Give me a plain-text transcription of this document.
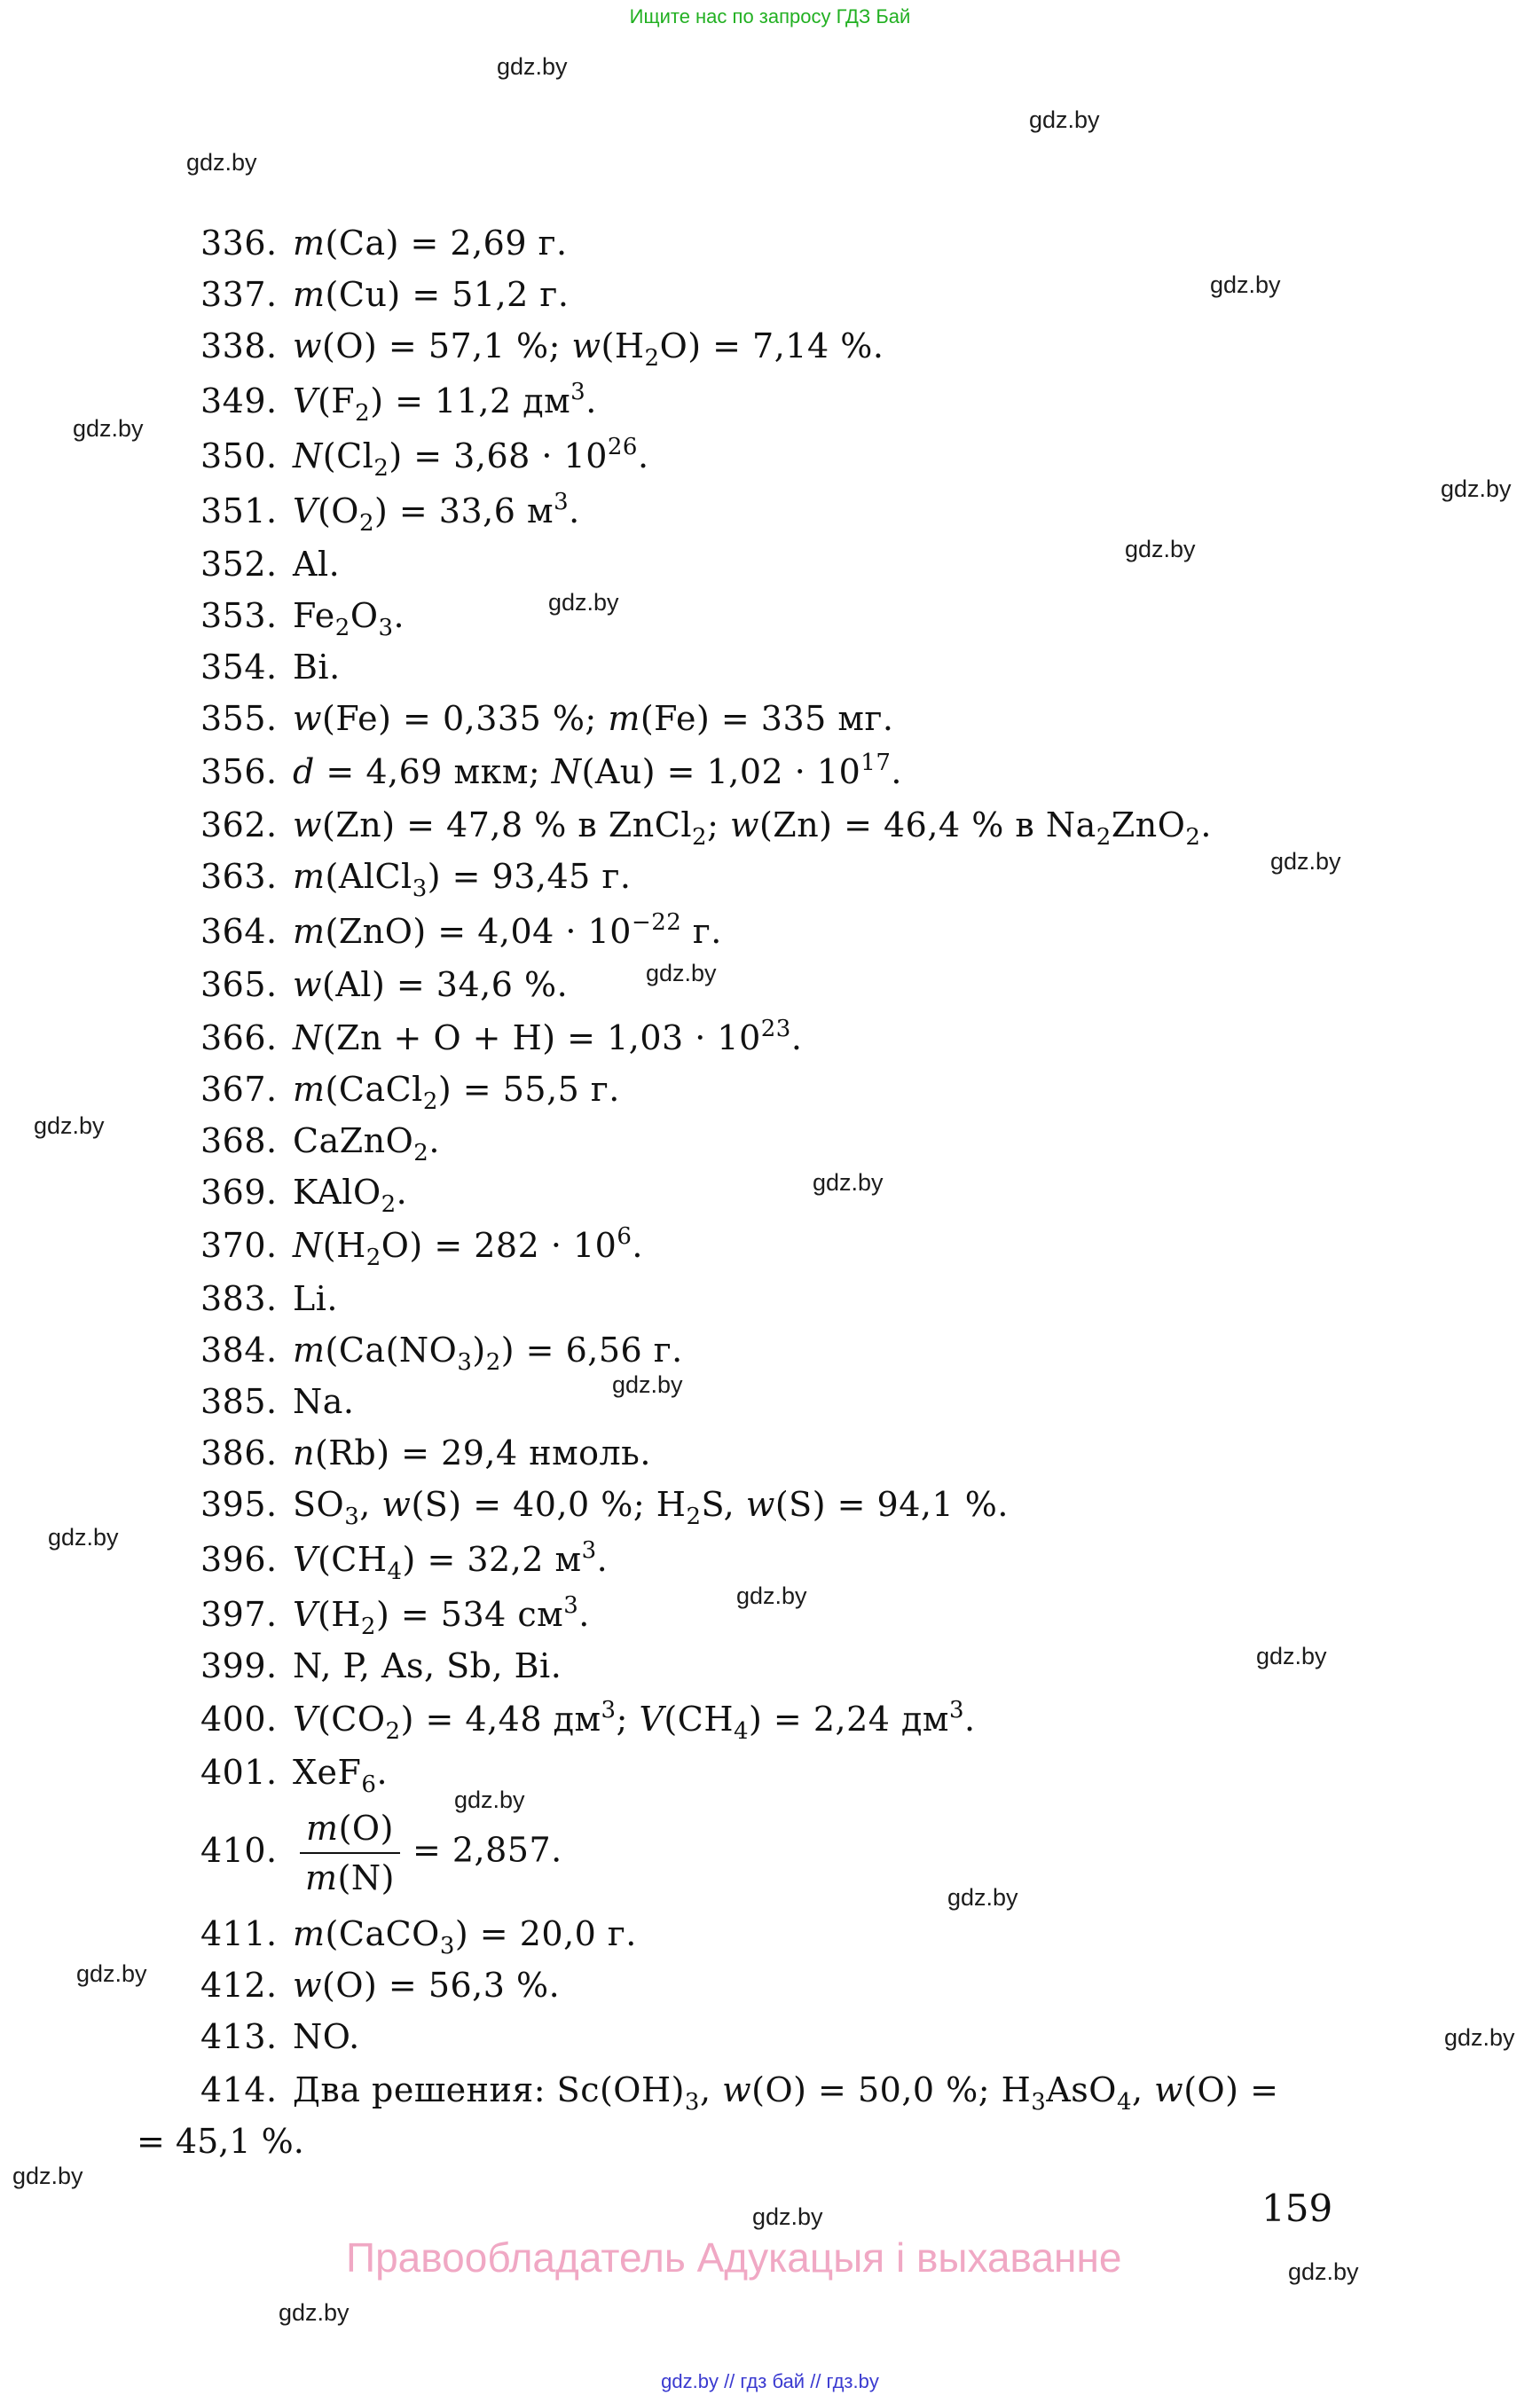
Ищите нас по запросу ГДЗ Бай
gdz.by
gdz.by
gdz.by
gdz.by
gdz.by
gdz.by
gdz.by
gdz.by
gdz.by
gdz.by
gdz.by
gdz.by
gdz.by
gdz.by
gdz.by
gdz.by
gdz.by
gdz.by
gdz.by
gdz.by
gdz.by
gdz.by
gdz.by
gdz.by
336. m(Ca) = 2,69 г.
337. m(Cu) = 51,2 г.
338. w(O) = 57,1 %; $w(H_2O) = 7,14$ %.
349. $V(F_2) = 11,2$ $дм^3$.
350. $N(Cl_2) = 3,68 \cdot 10^{26}$.
351. $V(O_2) = 33,6$ $м^3$.
352. Al.
353. $Fe_2O_3$.
354. Bi.
355. w(Fe) = 0,335 %; m(Fe) = 335 мг.
356. d = 4,69 мкм; $N(Au) = 1,02 \cdot 10^{17}$.
362. w(Zn) = 47,8 % в ZnCl$_2$; w(Zn) = 46,4 % в $Na_2ZnO_2$.
363. m(AlCl$_3$) = 93,45 г.
364. $m(ZnO) = 4,04 \cdot 10^{-22}$ г.
365. w(Al) = 34,6 %.
366. $N(Zn + O + H) = 1,03 \cdot 10^{23}$.
367. m(CaCl$_2$) = 55,5 г.
368. CaZnO$_2$.
369. KAlO$_2$.
370. $N(H_2O) = 282 \cdot 10^6$.
383. Li.
384. $m(Ca(NO_3)_2) = 6,56$ г.
385. Na.
386. n(Rb) = 29,4 нмоль.
395. $SO_3$, w(S) = 40,0 %; $H_2S$, w(S) = 94,1 %.
396. $V(CH_4) = 32,2$ $м^3$.
397. $V(H_2) = 534$ $см^3$.
399. N, P, As, Sb, Bi.
400. $V(CO_2) = 4,48$ $дм^3$; $V(CH_4) = 2,24$ $дм^3$.
401. XeF$_6$.
410. $\frac{m(O)}{m(N)} = 2,857$.
411. m(CaCO$_3$) = 20,0 г.
412. w(O) = 56,3 %.
413. NO.
414. Два решения: $Sc(OH)_3$, w(O) = 50,0 %; $H_3AsO_4$, w(O) =
= 45,1 %.
159
Правообладатель Адукацыя і выхаванне
gdz.by // гдз бай // гдз.by
